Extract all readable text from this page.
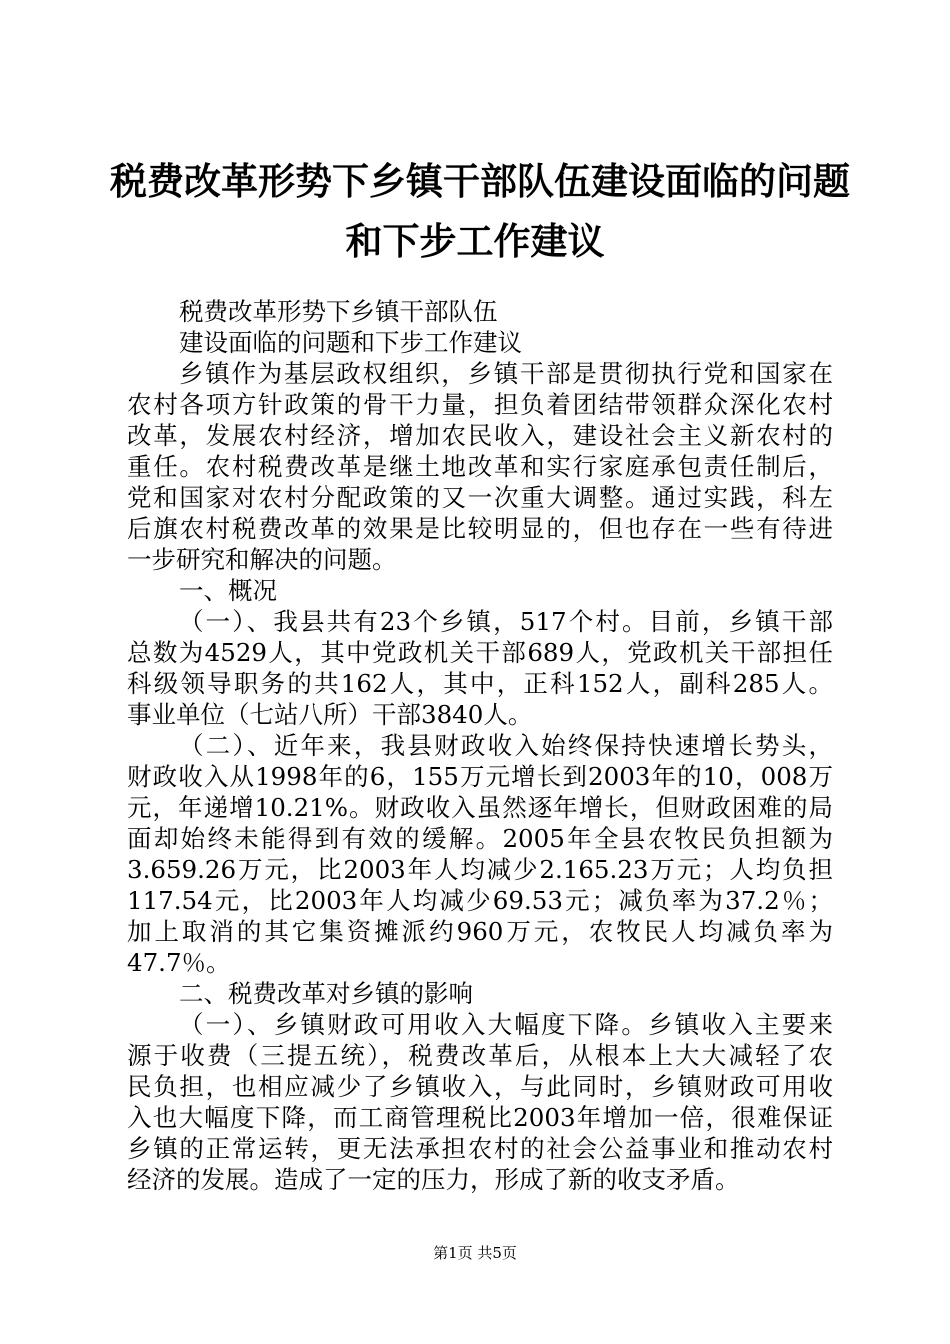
税费改革形势下乡镇干部队伍建设面临的问题
和下步工作建议
税费改革形势下乡镇干部队伍
建设面临的问题和下步工作建议
乡镇作为基层政权组织，乡镇干部是贯彻执行党和国家在
农村各项方针政策的骨干力量，担负着团结带领群众深化农村
改革，发展农村经济，增加农民收入，建设社会主义新农村的
重任。农村税费改革是继土地改革和实行家庭承包责任制后，
党和国家对农村分配政策的又一次重大调整。通过实践，科左
后旗农村税费改革的效果是比较明显的，但也存在一些有待进
一步研究和解决的问题。
一、概况
（一）、我县共有23个乡镇，517个村。目前，乡镇干部
总数为4529人，其中党政机关干部689人，党政机关干部担任
科级领导职务的共162人，其中，正科152人，副科285人。
事业单位（七站八所）干部3840人。
（二）、近年来，我县财政收入始终保持快速增长势头，
财政收入从1998年的6，155万元增长到2003年的10，008万
元，年递增10.21%。财政收入虽然逐年增长，但财政困难的局
面却始终未能得到有效的缓解。2005年全县农牧民负担额为
3.659.26万元，比2003年人均减少2.165.23万元；人均负担
117.54元，比2003年人均减少69.53元；减负率为37.2％；
加上取消的其它集资摊派约960万元，农牧民人均减负率为
47.7％。
二、税费改革对乡镇的影响
（一）、乡镇财政可用收入大幅度下降。乡镇收入主要来
源于收费（三提五统），税费改革后，从根本上大大减轻了农
民负担，也相应减少了乡镇收入，与此同时，乡镇财政可用收
入也大幅度下降，而工商管理税比2003年增加一倍，很难保证
乡镇的正常运转，更无法承担农村的社会公益事业和推动农村
经济的发展。造成了一定的压力，形成了新的收支矛盾。
第1页 共5页
